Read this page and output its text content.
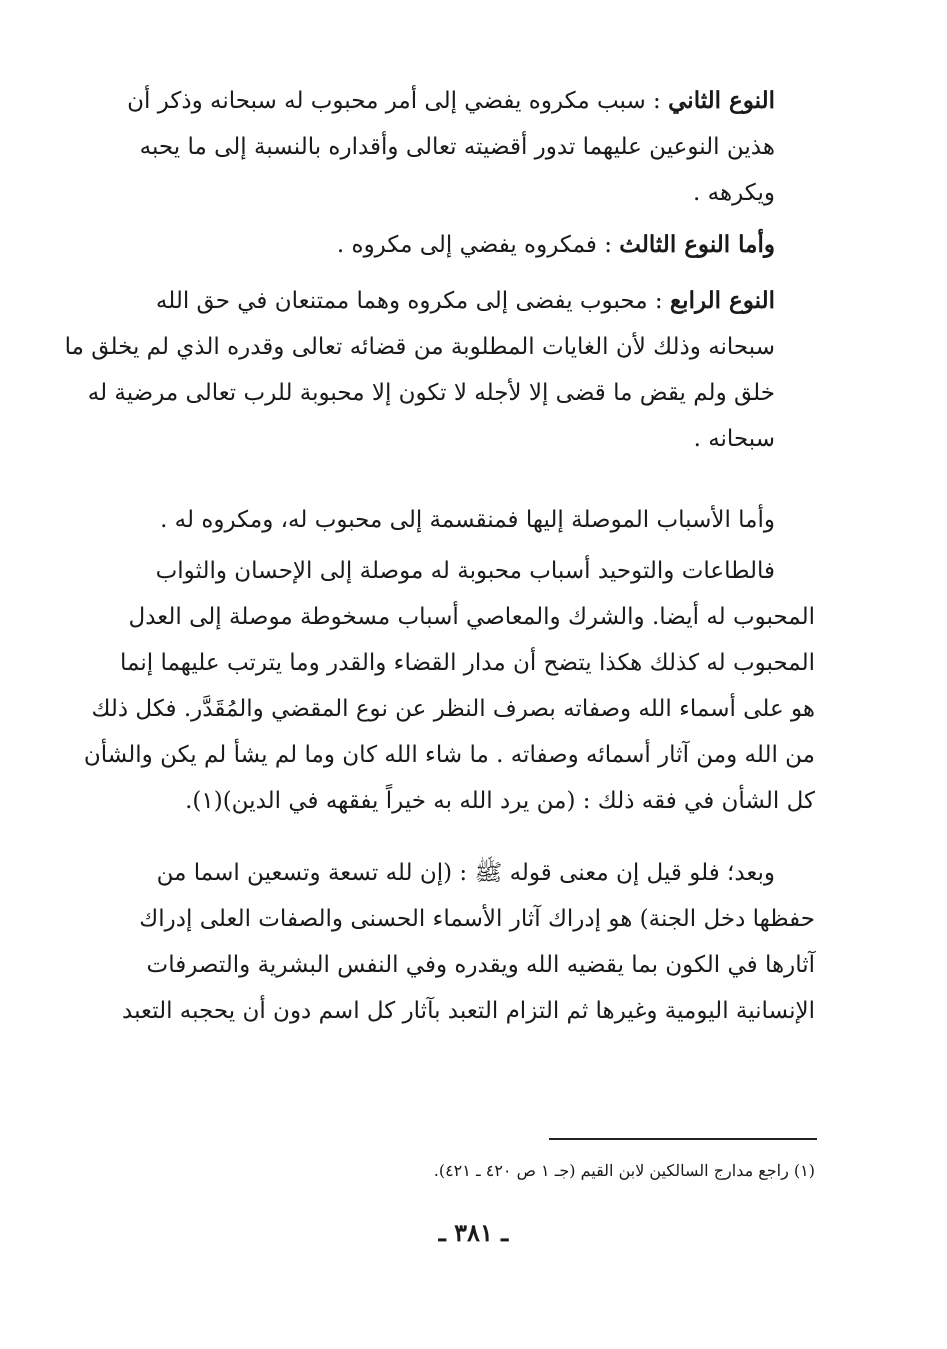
النوع الثاني : سبب مكروه يفضي إلى أمر محبوب له سبحانه وذكر أن
هذين النوعين عليهما تدور أقضيته تعالى وأقداره بالنسبة إلى ما يحبه
ويكرهه .

وأما النوع الثالث : فمكروه يفضي إلى مكروه .

النوع الرابع : محبوب يفضى إلى مكروه وهما ممتنعان في حق الله
سبحانه وذلك لأن الغايات المطلوبة من قضائه تعالى وقدره الذي لم يخلق ما
خلق ولم يقض ما قضى إلا لأجله لا تكون إلا محبوبة للرب تعالى مرضية له
سبحانه .

وأما الأسباب الموصلة إليها فمنقسمة إلى محبوب له، ومكروه له .

فالطاعات والتوحيد أسباب محبوبة له موصلة إلى الإحسان والثواب
المحبوب له أيضا. والشرك والمعاصي أسباب مسخوطة موصلة إلى العدل
المحبوب له كذلك هكذا يتضح أن مدار القضاء والقدر وما يترتب عليهما إنما
هو على أسماء الله وصفاته بصرف النظر عن نوع المقضي والمُقَدَّر. فكل ذلك
من الله ومن آثار أسمائه وصفاته . ما شاء الله كان وما لم يشأ لم يكن والشأن
كل الشأن في فقه ذلك : (من يرد الله به خيراً يفقهه في الدين)(١).

وبعد؛ فلو قيل إن معنى قوله ﷺ : (إن لله تسعة وتسعين اسما من
حفظها دخل الجنة) هو إدراك آثار الأسماء الحسنى والصفات العلى إدراك
آثارها في الكون بما يقضيه الله ويقدره وفي النفس البشرية والتصرفات
الإنسانية اليومية وغيرها ثم التزام التعبد بآثار كل اسم دون أن يحجبه التعبد

(١) راجع مدارج السالكين لابن القيم (جـ ١ ص ٤٢٠ ـ ٤٢١).

ـ ٣٨١ ـ
